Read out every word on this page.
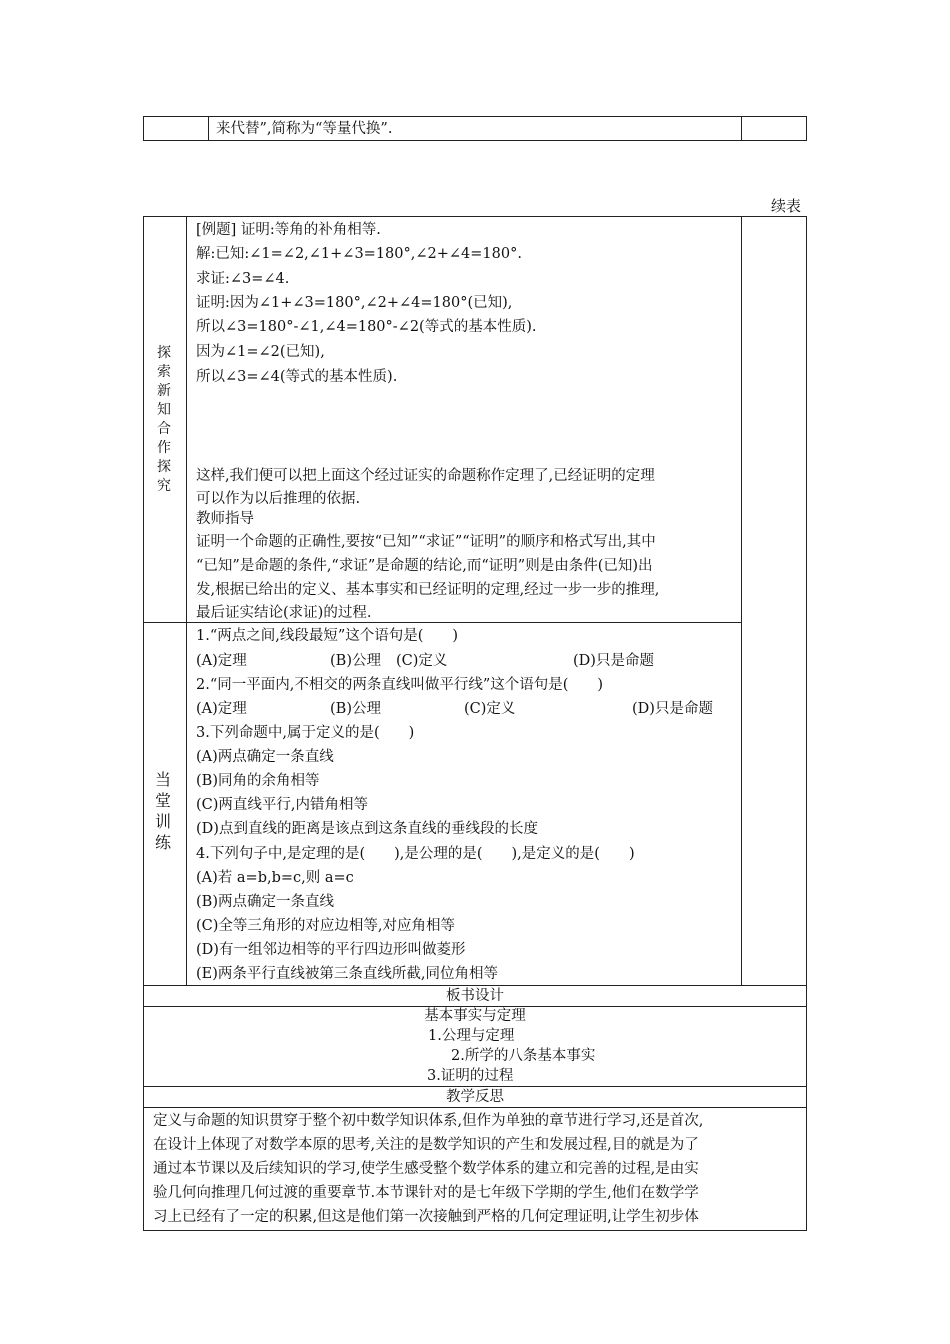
来代替”,简称为“等量代换”.
续表
探
索
新
知
合
作
探
究
[例题] 证明:等角的补角相等.
解:已知:∠1=∠2,∠1+∠3=180°,∠2+∠4=180°.
求证:∠3=∠4.
证明:因为∠1+∠3=180°,∠2+∠4=180°(已知),
所以∠3=180°-∠1,∠4=180°-∠2(等式的基本性质).
因为∠1=∠2(已知),
所以∠3=∠4(等式的基本性质).
这样,我们便可以把上面这个经过证实的命题称作定理了,已经证明的定理
可以作为以后推理的依据.
教师指导
证明一个命题的正确性,要按“已知”“求证”“证明”的顺序和格式写出,其中
“已知”是命题的条件,“求证”是命题的结论,而“证明”则是由条件(已知)出
发,根据已给出的定义、基本事实和已经证明的定理,经过一步一步的推理,
最后证实结论(求证)的过程.
当
堂
训
练
1.“两点之间,线段最短”这个语句是(　　)
(A)定理	(B)公理 (C)定义	(D)只是命题
2.“同一平面内,不相交的两条直线叫做平行线”这个语句是(　　)
(A)定理	(B)公理	(C)定义	(D)只是命题
3.下列命题中,属于定义的是(　　)
(A)两点确定一条直线
(B)同角的余角相等
(C)两直线平行,内错角相等
(D)点到直线的距离是该点到这条直线的垂线段的长度
4.下列句子中,是定理的是(　　),是公理的是(　　),是定义的是(　　)
(A)若 a=b,b=c,则 a=c
(B)两点确定一条直线
(C)全等三角形的对应边相等,对应角相等
(D)有一组邻边相等的平行四边形叫做菱形
(E)两条平行直线被第三条直线所截,同位角相等
板书设计
基本事实与定理
1.公理与定理
2.所学的八条基本事实
3.证明的过程
教学反思
定义与命题的知识贯穿于整个初中数学知识体系,但作为单独的章节进行学习,还是首次,
在设计上体现了对数学本原的思考,关注的是数学知识的产生和发展过程,目的就是为了
通过本节课以及后续知识的学习,使学生感受整个数学体系的建立和完善的过程,是由实
验几何向推理几何过渡的重要章节.本节课针对的是七年级下学期的学生,他们在数学学
习上已经有了一定的积累,但这是他们第一次接触到严格的几何定理证明,让学生初步体
